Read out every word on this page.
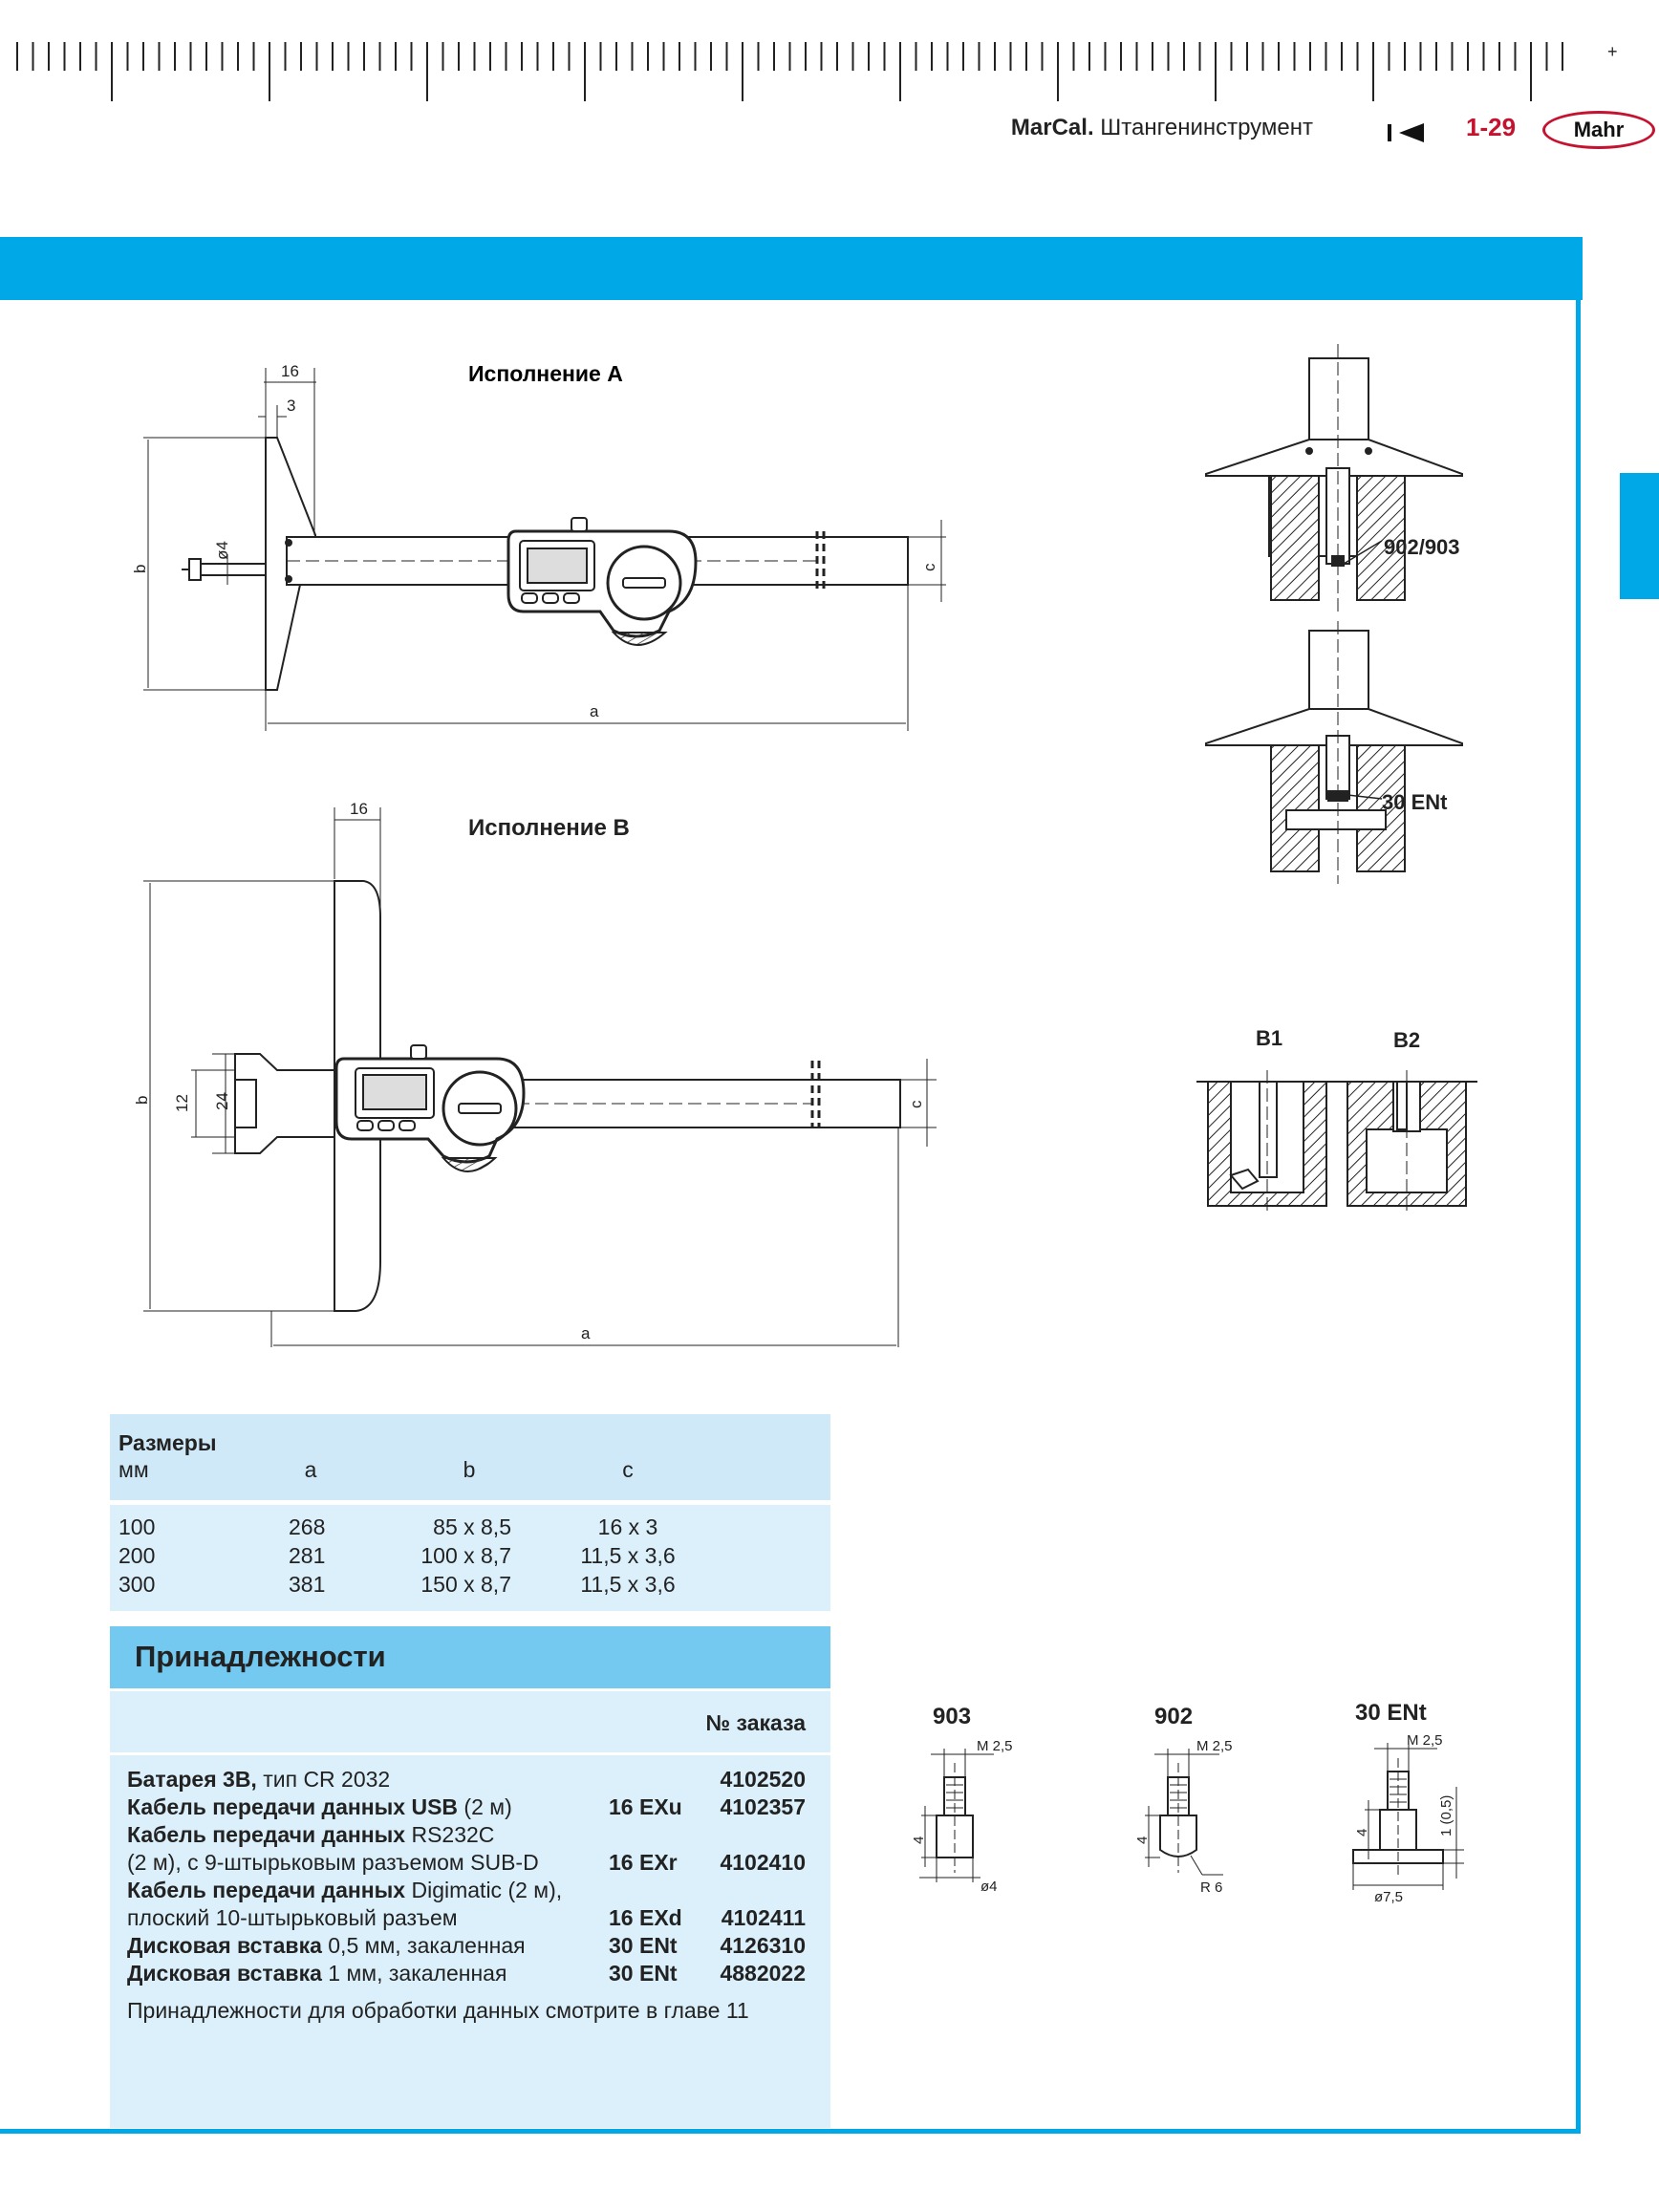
+
MarCal. Штангенинструмент	1-29	Mahr
16
3
b
a
c
ø4
Исполнение А
16
b
a
c
12 24
Исполнение В
902/903
30 ENt
B1	B2
Размеры
мм	a	b	c
100	268	85 x 8,5	16 x 3
200	281	100 x 8,7	11,5 x 3,6
300	381	150 x 8,7	11,5 x 3,6
Принадлежности
№ заказа
Батарея 3В, тип CR 2032	4102520
Кабель передачи данных USB (2 м)	16 EXu 4102357
Кабель передачи данных RS232C
(2 м), с 9-штырьковым разъемом SUB-D	16 EXr 4102410
Кабель передачи данных Digimatic (2 м),
плоский 10-штырьковый разъем	16 EXd 4102411
Дисковая вставка 0,5 мм, закаленная	30 ENt 4126310
Дисковая вставка 1 мм, закаленная	30 ENt 4882022
Принадлежности для обработки данных смотрите в главе 11
903	902	30 ENt
M 2,5	M 2,5	M 2,5
4	4
4
ø4	R 6
ø7,5
1 (0,5)
